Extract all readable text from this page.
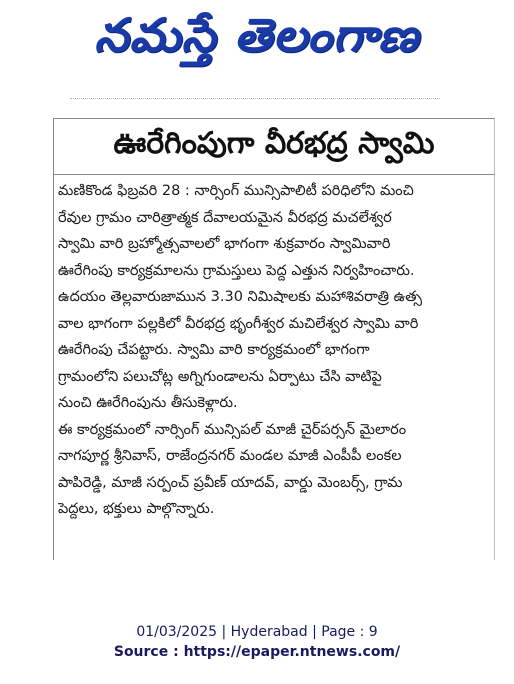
నమస్తే తెలంగాణ
ఊరేగింపుగా వీరభద్ర స్వామి
మణికొండ ఫిబ్రవరి 28 : నార్సింగ్ మున్సిపాలిటీ పరిధిలోని మంచి
రేవుల గ్రామం చారిత్రాత్మక దేవాలయమైన వీరభద్ర మచలేశ్వర
స్వామి వారి బ్రహ్మోత్సవాలలో భాగంగా శుక్రవారం స్వామివారి
ఊరేగింపు కార్యక్రమాలను గ్రామస్తులు పెద్ద ఎత్తున నిర్వహించారు.
ఉదయం తెల్లవారుజామున 3.30 నిమిషాలకు మహాశివరాత్రి ఉత్స
వాల భాగంగా పల్లకిలో వీరభద్ర భృంగీశ్వర మచిలేశ్వర స్వామి వారి
ఊరేగింపు చేపట్టారు. స్వామి వారి కార్యక్రమంలో భాగంగా
గ్రామంలోని పలుచోట్ల అగ్నిగుండాలను ఏర్పాటు చేసి వాటిపై
నుంచి ఊరేగింపును తీసుకెళ్లారు.
ఈ కార్యక్రమంలో నార్సింగ్ మున్సిపల్ మాజీ చైర్‌పర్సన్ మైలారం
నాగపూర్ణ శ్రీనివాస్, రాజేంద్రనగర్ మండల మాజీ ఎంపీపీ లంకల
పాపిరెడ్డి, మాజీ సర్పంచ్ ప్రవీణ్ యాదవ్, వార్డు మెంబర్స్, గ్రామ
పెద్దలు, భక్తులు పాల్గొన్నారు.
01/03/2025 | Hyderabad | Page : 9
Source : https://epaper.ntnews.com/
